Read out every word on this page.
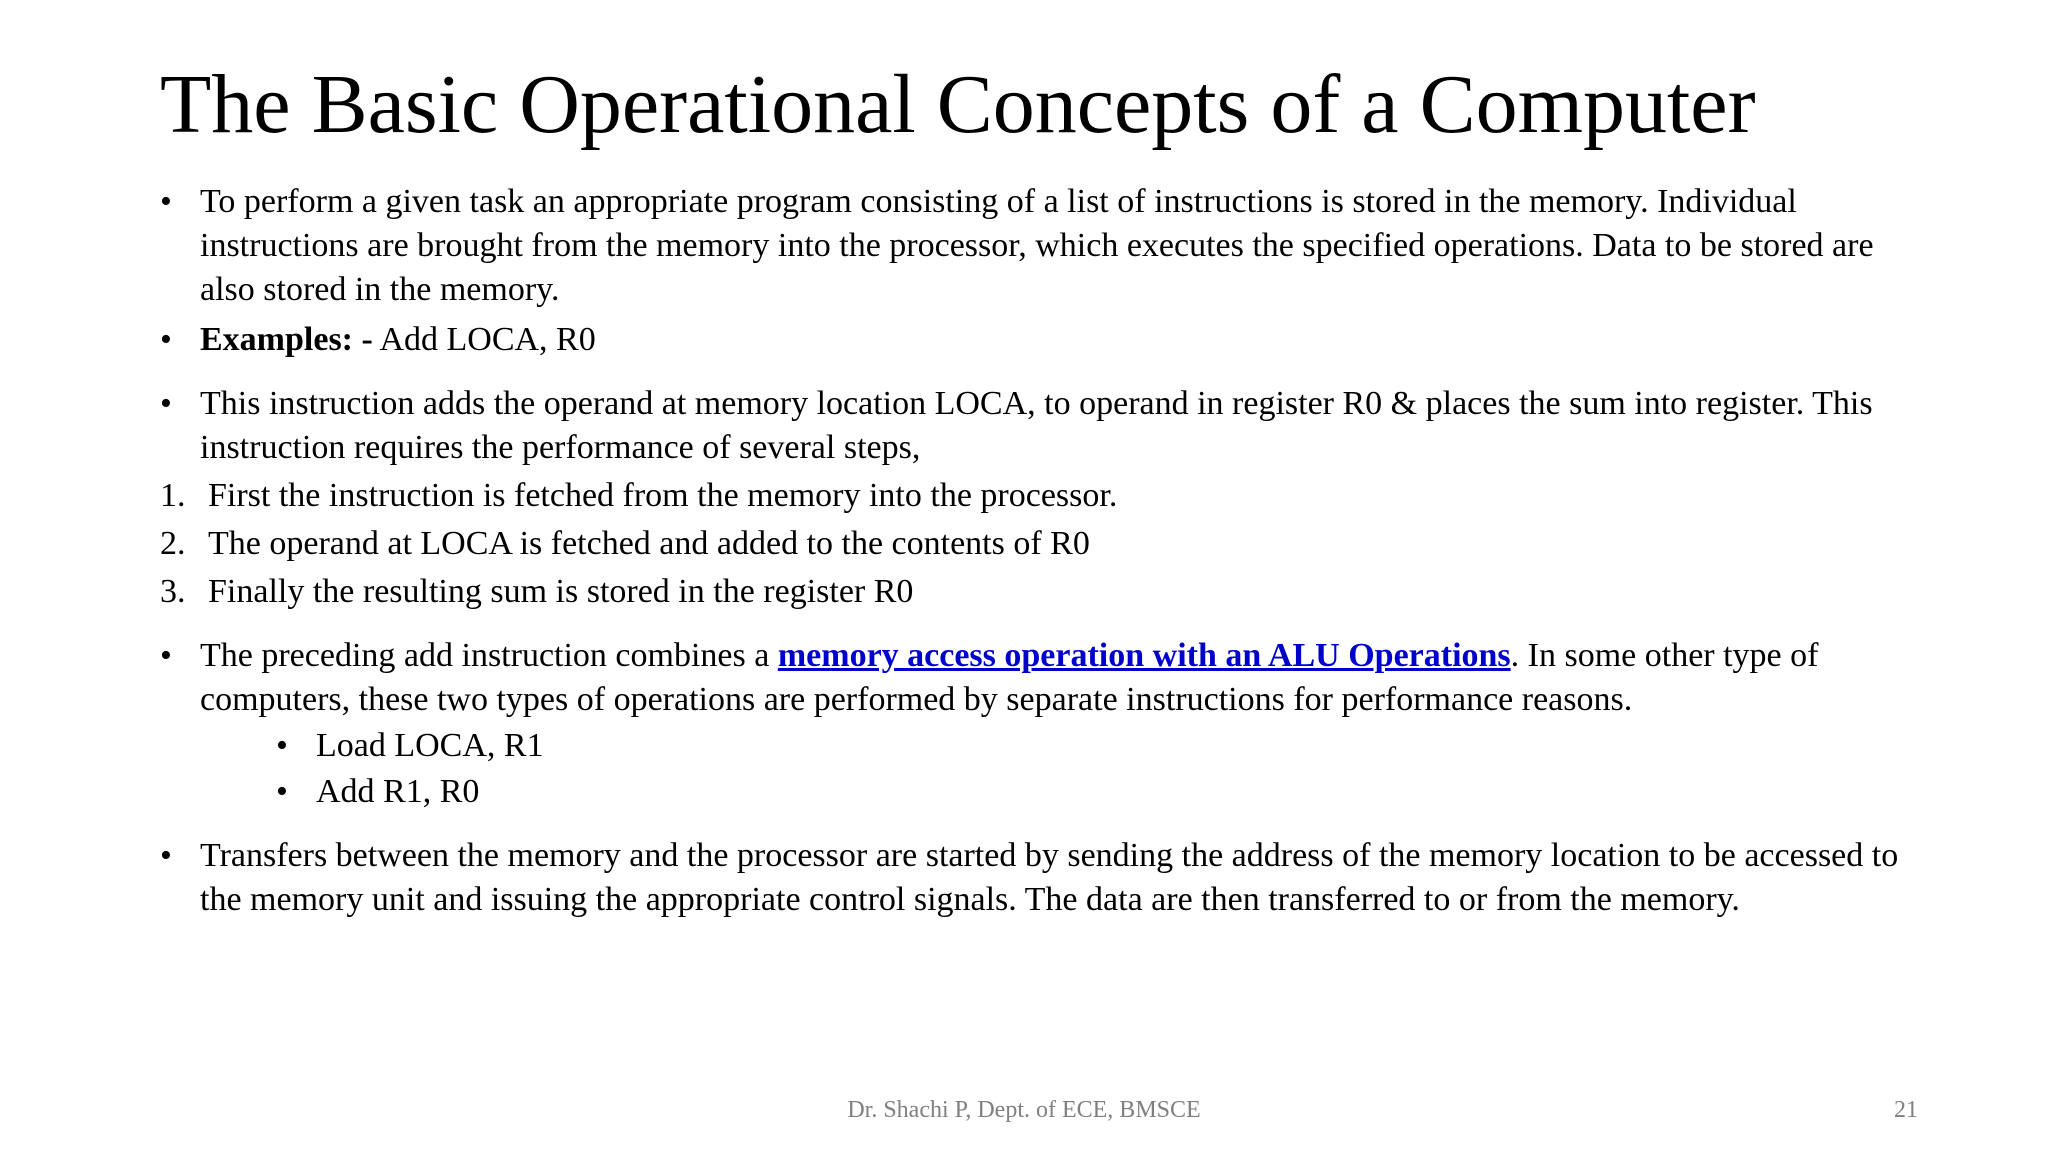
The Basic Operational Concepts of a Computer
• To perform a given task an appropriate program consisting of a list of instructions is stored in the memory. Individual instructions are brought from the memory into the processor, which executes the specified operations. Data to be stored are also stored in the memory.
• Examples: - Add LOCA, R0
• This instruction adds the operand at memory location LOCA, to operand in register R0 & places the sum into register. This instruction requires the performance of several steps,
1. First the instruction is fetched from the memory into the processor.
2. The operand at LOCA is fetched and added to the contents of R0
3. Finally the resulting sum is stored in the register R0
• The preceding add instruction combines a memory access operation with an ALU Operations. In some other type of computers, these two types of operations are performed by separate instructions for performance reasons.
• Load LOCA, R1
• Add R1, R0
• Transfers between the memory and the processor are started by sending the address of the memory location to be accessed to the memory unit and issuing the appropriate control signals. The data are then transferred to or from the memory.
Dr. Shachi P, Dept. of ECE, BMSCE	21
